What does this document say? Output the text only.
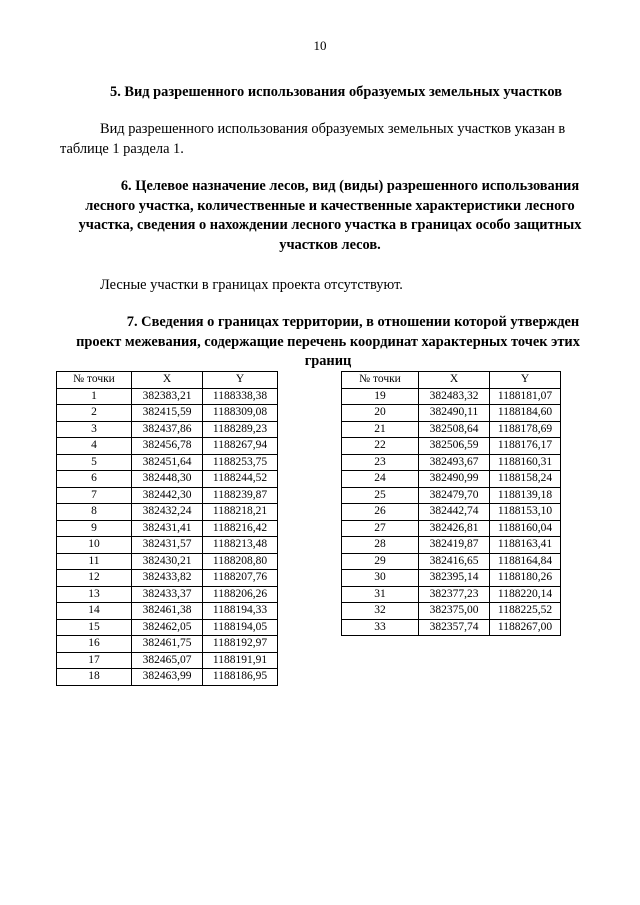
10
5. Вид разрешенного использования образуемых земельных участков
Вид разрешенного использования образуемых земельных участков указан в таблице 1 раздела 1.
6. Целевое назначение лесов, вид (виды) разрешенного использования лесного участка, количественные и качественные характеристики лесного участка, сведения о нахождении лесного участка в границах особо защитных участков лесов.
Лесные участки в границах проекта отсутствуют.
7. Сведения о границах территории, в отношении которой утвержден проект межевания, содержащие перечень координат характерных точек этих границ
№ точки	X	Y
1	382383,21	1188338,38
2	382415,59	1188309,08
3	382437,86	1188289,23
4	382456,78	1188267,94
5	382451,64	1188253,75
6	382448,30	1188244,52
7	382442,30	1188239,87
8	382432,24	1188218,21
9	382431,41	1188216,42
10	382431,57	1188213,48
11	382430,21	1188208,80
12	382433,82	1188207,76
13	382433,37	1188206,26
14	382461,38	1188194,33
15	382462,05	1188194,05
16	382461,75	1188192,97
17	382465,07	1188191,91
18	382463,99	1188186,95
№ точки	X	Y
19	382483,32	1188181,07
20	382490,11	1188184,60
21	382508,64	1188178,69
22	382506,59	1188176,17
23	382493,67	1188160,31
24	382490,99	1188158,24
25	382479,70	1188139,18
26	382442,74	1188153,10
27	382426,81	1188160,04
28	382419,87	1188163,41
29	382416,65	1188164,84
30	382395,14	1188180,26
31	382377,23	1188220,14
32	382375,00	1188225,52
33	382357,74	1188267,00
